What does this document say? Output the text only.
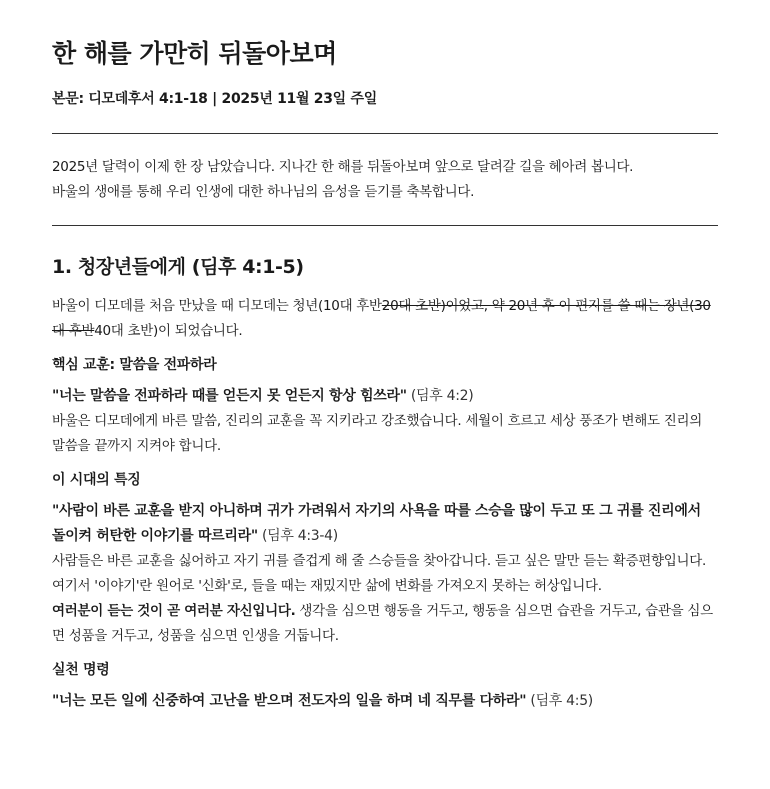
한 해를 가만히 뒤돌아보며
본문: 디모데후서 4:1-18 | 2025년 11월 23일 주일
2025년 달력이 이제 한 장 남았습니다. 지나간 한 해를 뒤돌아보며 앞으로 달려갈 길을 헤아려 봅니다.
바울의 생애를 통해 우리 인생에 대한 하나님의 음성을 듣기를 축복합니다.
1. 청장년들에게 (딤후 4:1-5)

바울이 디모데를 처음 만났을 때 디모데는 청년(10대 후반20대 초반)이었고, 약 20년 후 이 편지를 쓸 때는 장년(30대 후반40대 초반)이 되었습니다.

핵심 교훈: 말씀을 전파하라
"너는 말씀을 전파하라 때를 얻든지 못 얻든지 항상 힘쓰라" (딤후 4:2)

바울은 디모데에게 바른 말씀, 진리의 교훈을 꼭 지키라고 강조했습니다. 세월이 흐르고 세상 풍조가 변해도 진리의 말씀을 끝까지 지켜야 합니다.

이 시대의 특징
"사람이 바른 교훈을 받지 아니하며 귀가 가려워서 자기의 사욕을 따를 스승을 많이 두고 또 그 귀를 진리에서 돌이켜 허탄한 이야기를 따르리라" (딤후 4:3-4)

사람들은 바른 교훈을 싫어하고 자기 귀를 즐겁게 해 줄 스승들을 찾아갑니다. 듣고 싶은 말만 듣는 확증편향입니다. 여기서 '이야기'란 원어로 '신화'로, 들을 때는 재밌지만 삶에 변화를 가져오지 못하는 허상입니다.

여러분이 듣는 것이 곧 여러분 자신입니다. 생각을 심으면 행동을 거두고, 행동을 심으면 습관을 거두고, 습관을 심으면 성품을 거두고, 성품을 심으면 인생을 거둡니다.

실천 명령
"너는 모든 일에 신중하여 고난을 받으며 전도자의 일을 하며 네 직무를 다하라" (딤후 4:5)
